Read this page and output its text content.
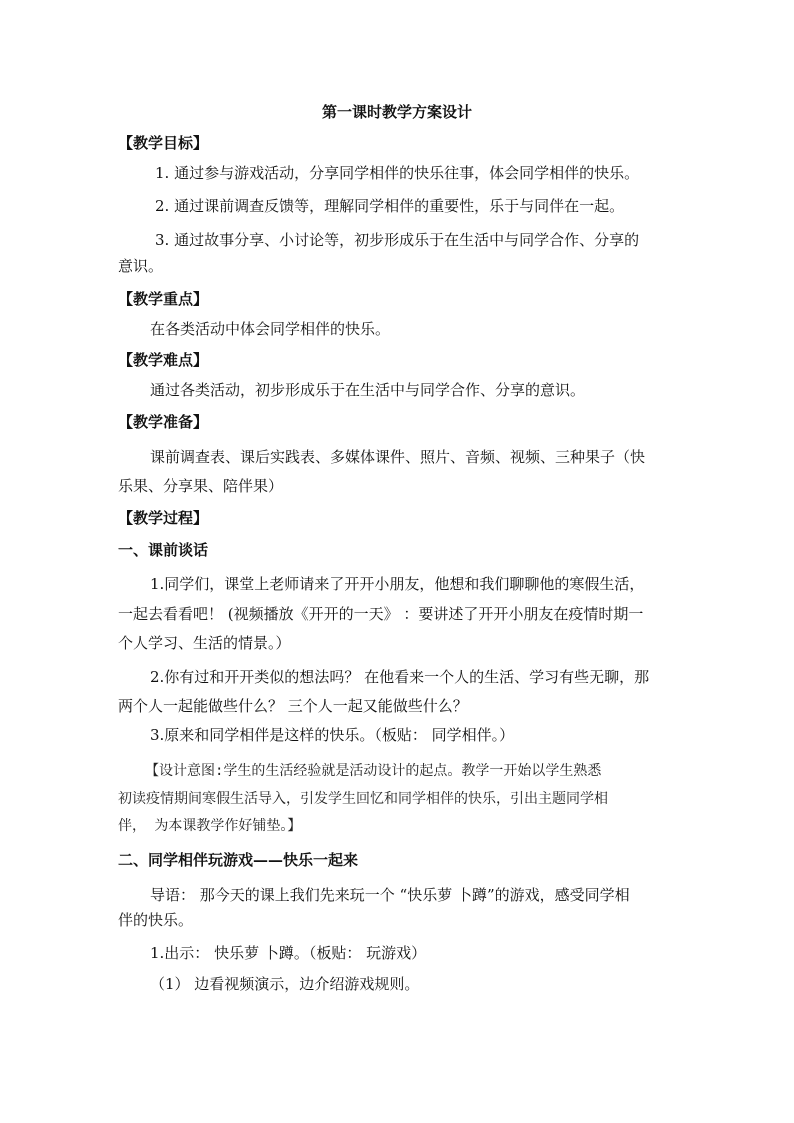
第一课时教学方案设计
【教学目标】
1. 通过参与游戏活动，分享同学相伴的快乐往事，体会同学相伴的快乐。
2. 通过课前调查反馈等，理解同学相伴的重要性，乐于与同伴在一起。
3. 通过故事分享、小讨论等，初步形成乐于在生活中与同学合作、分享的
意识。
【教学重点】
在各类活动中体会同学相伴的快乐。
【教学难点】
通过各类活动，初步形成乐于在生活中与同学合作、分享的意识。
【教学准备】
课前调查表、课后实践表、多媒体课件、照片、音频、视频、三种果子（快
乐果、分享果、陪伴果）
【教学过程】
一、课前谈话
1.同学们，课堂上老师请来了开开小朋友，他想和我们聊聊他的寒假生活，
一起去看看吧！ (视频播放《开开的一天》 ：要讲述了开开小朋友在疫情时期一
个人学习、生活的情景。）
2.你有过和开开类似的想法吗？ 在他看来一个人的生活、学习有些无聊，那
两个人一起能做些什么？ 三个人一起又能做些什么？
3.原来和同学相伴是这样的快乐。（板贴： 同学相伴。）
【设计意图:学生的生活经验就是活动设计的起点。教学一开始以学生熟悉
初读疫情期间寒假生活导入，引发学生回忆和同学相伴的快乐，引出主题同学相
伴， 为本课教学作好铺垫。】
二、同学相伴玩游戏——快乐一起来
导语： 那今天的课上我们先来玩一个 “快乐萝 卜蹲”的游戏，感受同学相
伴的快乐。
1.出示： 快乐萝 卜蹲。（板贴： 玩游戏）
（1） 边看视频演示，边介绍游戏规则。
